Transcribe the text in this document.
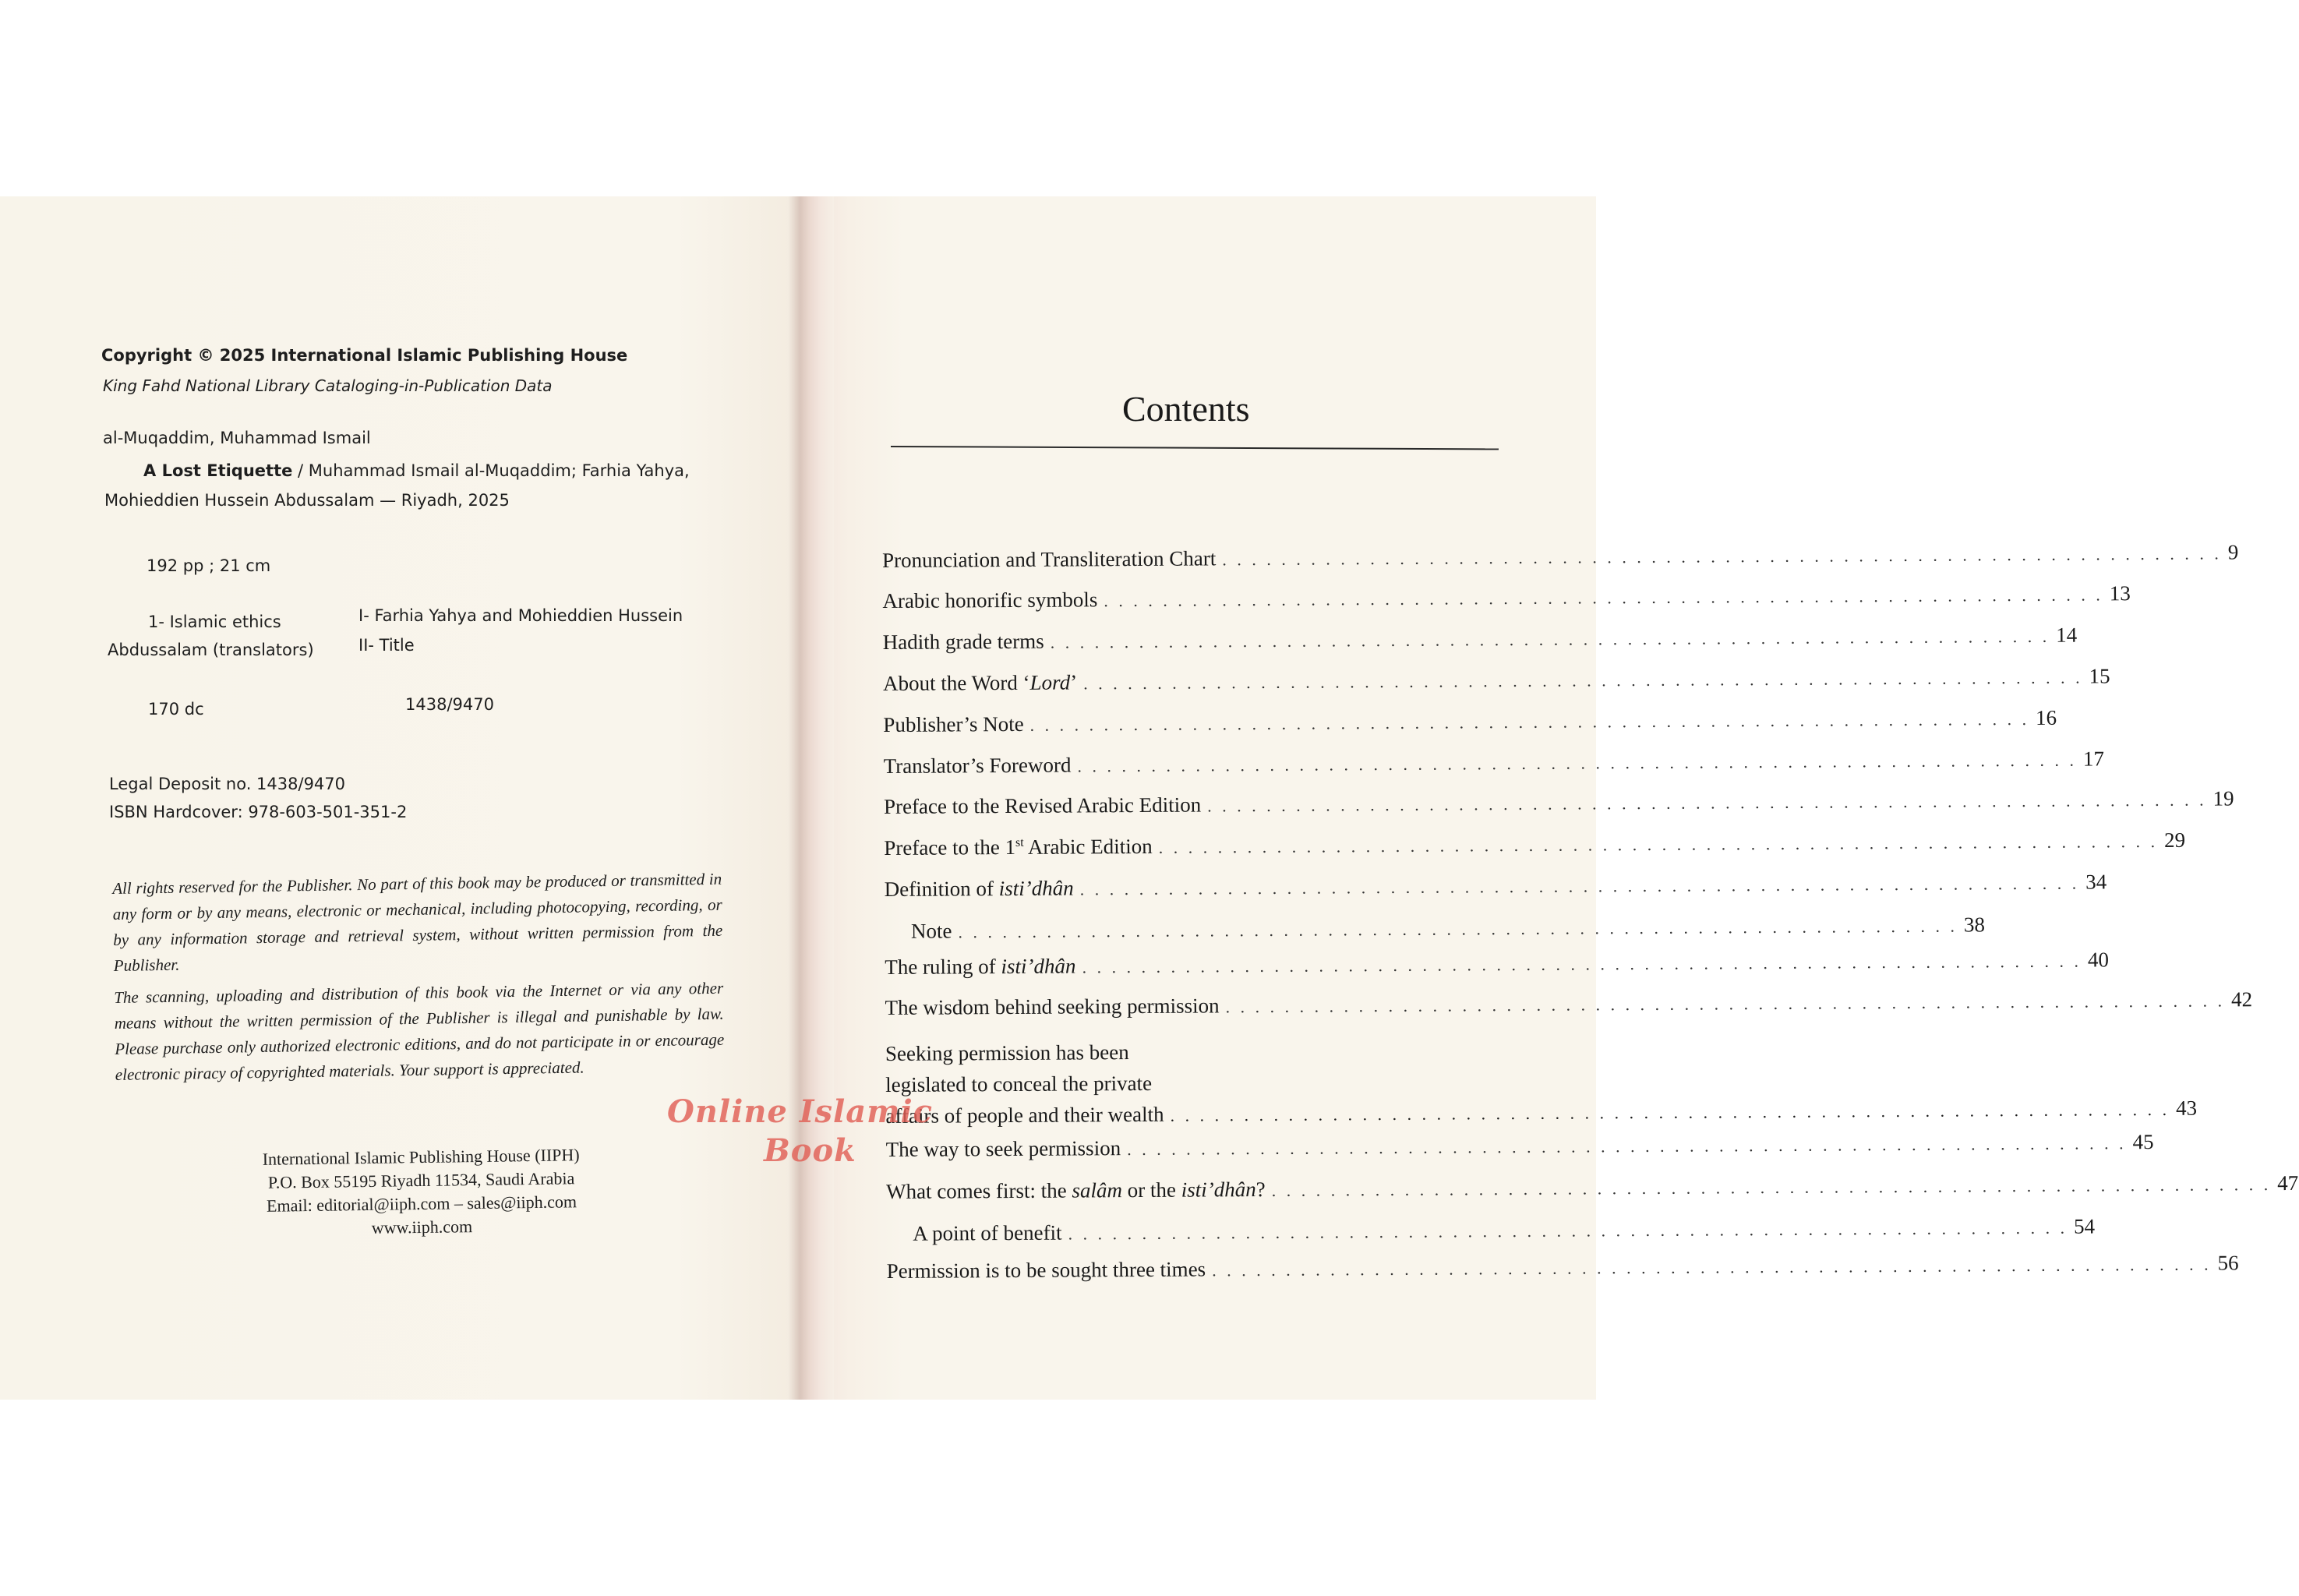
Copyright © 2025 International Islamic Publishing House
King Fahd National Library Cataloging-in-Publication Data
al-Muqaddim, Muhammad Ismail
A Lost Etiquette / Muhammad Ismail al-Muqaddim; Farhia Yahya,
Mohieddien Hussein Abdussalam — Riyadh, 2025
192 pp ; 21 cm
1- Islamic ethics	I- Farhia Yahya and Mohieddien Hussein
Abdussalam (translators)	II- Title
170 dc	1438/9470
Legal Deposit no. 1438/9470
ISBN Hardcover: 978-603-501-351-2
All rights reserved for the Publisher. No part of this book may be produced or transmitted in any form or by any means, electronic or mechanical, including photocopying, recording, or by any information storage and retrieval system, without written permission from the Publisher.
The scanning, uploading and distribution of this book via the Internet or via any other means without the written permission of the Publisher is illegal and punishable by law. Please purchase only authorized electronic editions, and do not participate in or encourage electronic piracy of copyrighted materials. Your support is appreciated.
International Islamic Publishing House (IIPH)
P.O. Box 55195 Riyadh 11534, Saudi Arabia
Email: editorial@iiph.com – sales@iiph.com
www.iiph.com
Contents
Pronunciation and Transliteration Chart . . . . . . . . . . . . . . . . . . . . . . . . . . . . . . . . . . . . . . . . . . . . . . . . . . . . . . . . . . . . . . . . . . . . 9
Arabic honorific symbols . . . . . . . . . . . . . . . . . . . . . . . . . . . . . . . . . . . . . . . . . . . . . . . . . . . . . . . . . . . . . . . . . . . . 13
Hadith grade terms . . . . . . . . . . . . . . . . . . . . . . . . . . . . . . . . . . . . . . . . . . . . . . . . . . . . . . . . . . . . . . . . . . . . 14
About the Word ‘Lord’ . . . . . . . . . . . . . . . . . . . . . . . . . . . . . . . . . . . . . . . . . . . . . . . . . . . . . . . . . . . . . . . . . . . . 15
Publisher’s Note . . . . . . . . . . . . . . . . . . . . . . . . . . . . . . . . . . . . . . . . . . . . . . . . . . . . . . . . . . . . . . . . . . . . 16
Translator’s Foreword . . . . . . . . . . . . . . . . . . . . . . . . . . . . . . . . . . . . . . . . . . . . . . . . . . . . . . . . . . . . . . . . . . . . 17
Preface to the Revised Arabic Edition . . . . . . . . . . . . . . . . . . . . . . . . . . . . . . . . . . . . . . . . . . . . . . . . . . . . . . . . . . . . . . . . . . . . 19
Preface to the 1st Arabic Edition . . . . . . . . . . . . . . . . . . . . . . . . . . . . . . . . . . . . . . . . . . . . . . . . . . . . . . . . . . . . . . . . . . . . 29
Definition of isti’dhân . . . . . . . . . . . . . . . . . . . . . . . . . . . . . . . . . . . . . . . . . . . . . . . . . . . . . . . . . . . . . . . . . . . . 34
Note . . . . . . . . . . . . . . . . . . . . . . . . . . . . . . . . . . . . . . . . . . . . . . . . . . . . . . . . . . . . . . . . . . . . 38
The ruling of isti’dhân . . . . . . . . . . . . . . . . . . . . . . . . . . . . . . . . . . . . . . . . . . . . . . . . . . . . . . . . . . . . . . . . . . . . 40
The wisdom behind seeking permission . . . . . . . . . . . . . . . . . . . . . . . . . . . . . . . . . . . . . . . . . . . . . . . . . . . . . . . . . . . . . . . . . . . . 42
Seeking permission has been
legislated to conceal the private
affairs of people and their wealth . . . . . . . . . . . . . . . . . . . . . . . . . . . . . . . . . . . . . . . . . . . . . . . . . . . . . . . . . . . . . . . . . . . . 43
The way to seek permission . . . . . . . . . . . . . . . . . . . . . . . . . . . . . . . . . . . . . . . . . . . . . . . . . . . . . . . . . . . . . . . . . . . . 45
What comes first: the salâm or the isti’dhân? . . . . . . . . . . . . . . . . . . . . . . . . . . . . . . . . . . . . . . . . . . . . . . . . . . . . . . . . . . . . . . . . . . . . 47
A point of benefit . . . . . . . . . . . . . . . . . . . . . . . . . . . . . . . . . . . . . . . . . . . . . . . . . . . . . . . . . . . . . . . . . . . . 54
Permission is to be sought three times . . . . . . . . . . . . . . . . . . . . . . . . . . . . . . . . . . . . . . . . . . . . . . . . . . . . . . . . . . . . . . . . . . . . 56
Online Islamic
Book
